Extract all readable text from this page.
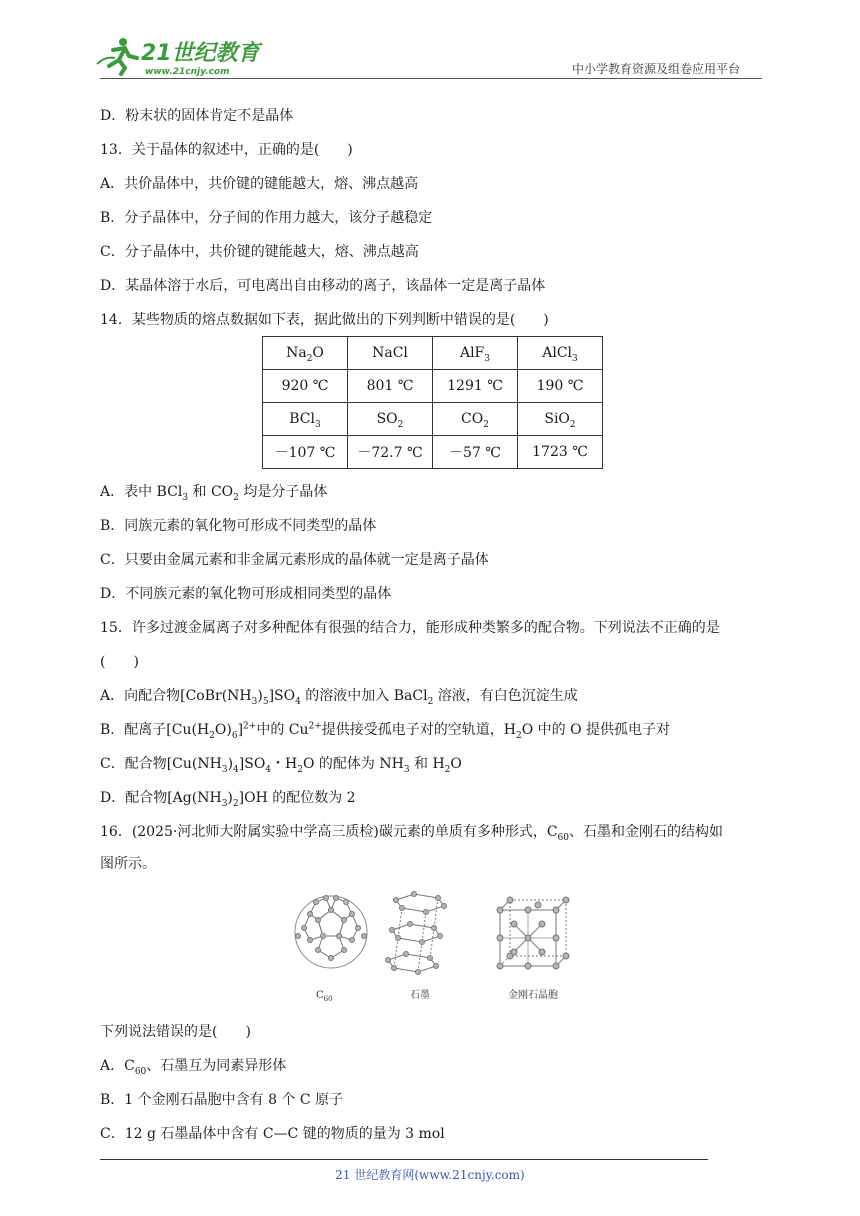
21世纪教育
www.21cnjy.com	中小学教育资源及组卷应用平台
D．粉末状的固体肯定不是晶体
13．关于晶体的叙述中，正确的是(　　)
A．共价晶体中，共价键的键能越大，熔、沸点越高
B．分子晶体中，分子间的作用力越大，该分子越稳定
C．分子晶体中，共价键的键能越大，熔、沸点越高
D．某晶体溶于水后，可电离出自由移动的离子，该晶体一定是离子晶体
14．某些物质的熔点数据如下表，据此做出的下列判断中错误的是(　　)
$Na_2O$	NaCl	AlF$_3$	AlCl$_3$
920 ℃	801 ℃	1291 ℃	190 ℃
BCl$_3$	$SO_2$	$CO_2$	SiO$_2$
－107 ℃	－72.7 ℃	－57 ℃	1723 ℃
A．表中 BCl$_3$ 和 $CO_2$ 均是分子晶体
B．同族元素的氧化物可形成不同类型的晶体
C．只要由金属元素和非金属元素形成的晶体就一定是离子晶体
D．不同族元素的氧化物可形成相同类型的晶体
15．许多过渡金属离子对多种配体有很强的结合力，能形成种类繁多的配合物。下列说法不正确的是
(　　)
A．向配合物$[CoBr(NH_3)_5]SO_4$ 的溶液中加入 BaCl$_2$ 溶液，有白色沉淀生成
B．配离子$[Cu(H_2O)_6]^{2+}$中的 $Cu^{2+}$提供接受孤电子对的空轨道，$H_2O$ 中的 O 提供孤电子对
C．配合物$[Cu(NH_3)_4]SO_4$・$H_2O$ 的配体为 $NH_3$ 和 $H_2O$
D．配合物$[Ag(NH_3)_2]OH$ 的配位数为 2
16．(2025·河北师大附属实验中学高三质检)碳元素的单质有多种形式，$C_{60}$、石墨和金刚石的结构如
图所示。
$C_{60}$	石墨	金刚石晶胞
下列说法错误的是(　　)
A．$C_{60}$、石墨互为同素异形体
B．1 个金刚石晶胞中含有 8 个 C 原子
C．12 g 石墨晶体中含有 C—C 键的物质的量为 3 mol
21 世纪教育网(www.21cnjy.com)
